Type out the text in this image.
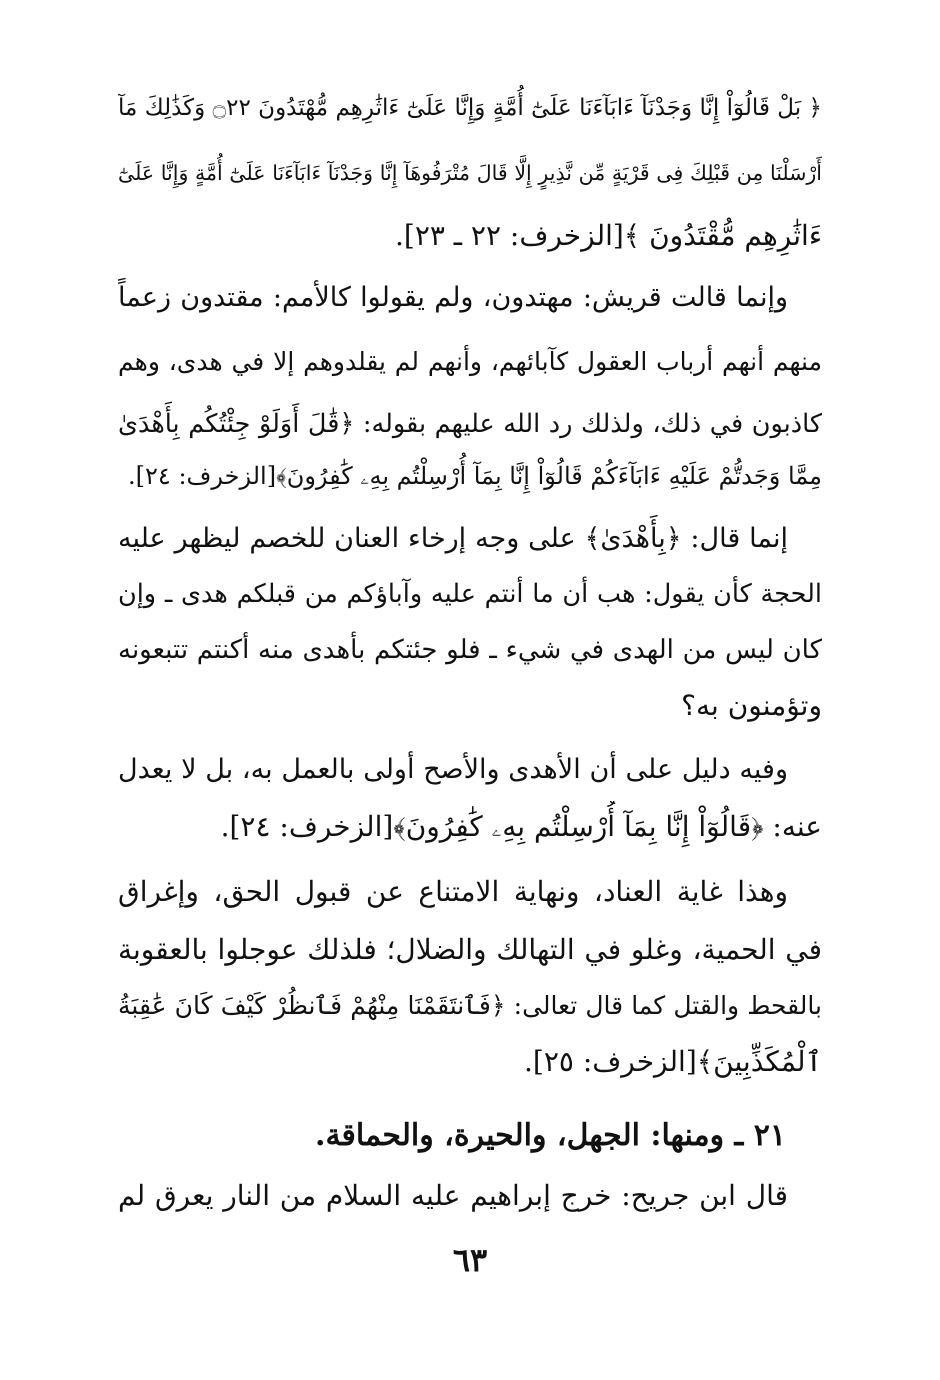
﴿ بَلْ قَالُوٓاْ إِنَّا وَجَدْنَآ ءَابَآءَنَا عَلَىٰٓ أُمَّةٍ وَإِنَّا عَلَىٰٓ ءَاثَٰرِهِم مُّهْتَدُونَ ۝٢٢ وَكَذَٰلِكَ مَآ
أَرْسَلْنَا مِن قَبْلِكَ فِى قَرْيَةٍ مِّن نَّذِيرٍ إِلَّا قَالَ مُتْرَفُوهَآ إِنَّا وَجَدْنَآ ءَابَآءَنَا عَلَىٰٓ أُمَّةٍ وَإِنَّا عَلَىٰٓ
ءَاثَٰرِهِم مُّقْتَدُونَ ﴾[الزخرف: ٢٢ ـ ٢٣].
وإنما قالت قريش: مهتدون، ولم يقولوا كالأمم: مقتدون زعماً
منهم أنهم أرباب العقول كآبائهم، وأنهم لم يقلدوهم إلا في هدى، وهم
كاذبون في ذلك، ولذلك رد الله عليهم بقوله: ﴿قَٰلَ أَوَلَوْ جِئْتُكُم بِأَهْدَىٰ
مِمَّا وَجَدتُّمْ عَلَيْهِ ءَابَآءَكُمْ قَالُوٓاْ إِنَّا بِمَآ أُرْسِلْتُم بِهِۦ كَٰفِرُونَ﴾[الزخرف: ٢٤].
إنما قال: ﴿بِأَهْدَىٰ﴾ على وجه إرخاء العنان للخصم ليظهر عليه
الحجة كأن يقول: هب أن ما أنتم عليه وآباؤكم من قبلكم هدى ـ وإن
كان ليس من الهدى في شيء ـ فلو جئتكم بأهدى منه أكنتم تتبعونه
وتؤمنون به؟
وفيه دليل على أن الأهدى والأصح أولى بالعمل به، بل لا يعدل
عنه: ﴿قَالُوٓاْ إِنَّا بِمَآ أُرْسِلْتُم بِهِۦ كَٰفِرُونَ﴾[الزخرف: ٢٤].
وهذا غاية العناد، ونهاية الامتناع عن قبول الحق، وإغراق
في الحمية، وغلو في التهالك والضلال؛ فلذلك عوجلوا بالعقوبة
بالقحط والقتل كما قال تعالى: ﴿فَٱنتَقَمْنَا مِنْهُمْ فَٱنظُرْ كَيْفَ كَانَ عَٰقِبَةُ
ٱلْمُكَذِّبِينَ﴾[الزخرف: ٢٥].
٢١ ـ ومنها: الجهل، والحيرة، والحماقة.
قال ابن جريح: خرج إبراهيم عليه السلام من النار يعرق لم
٦٣
